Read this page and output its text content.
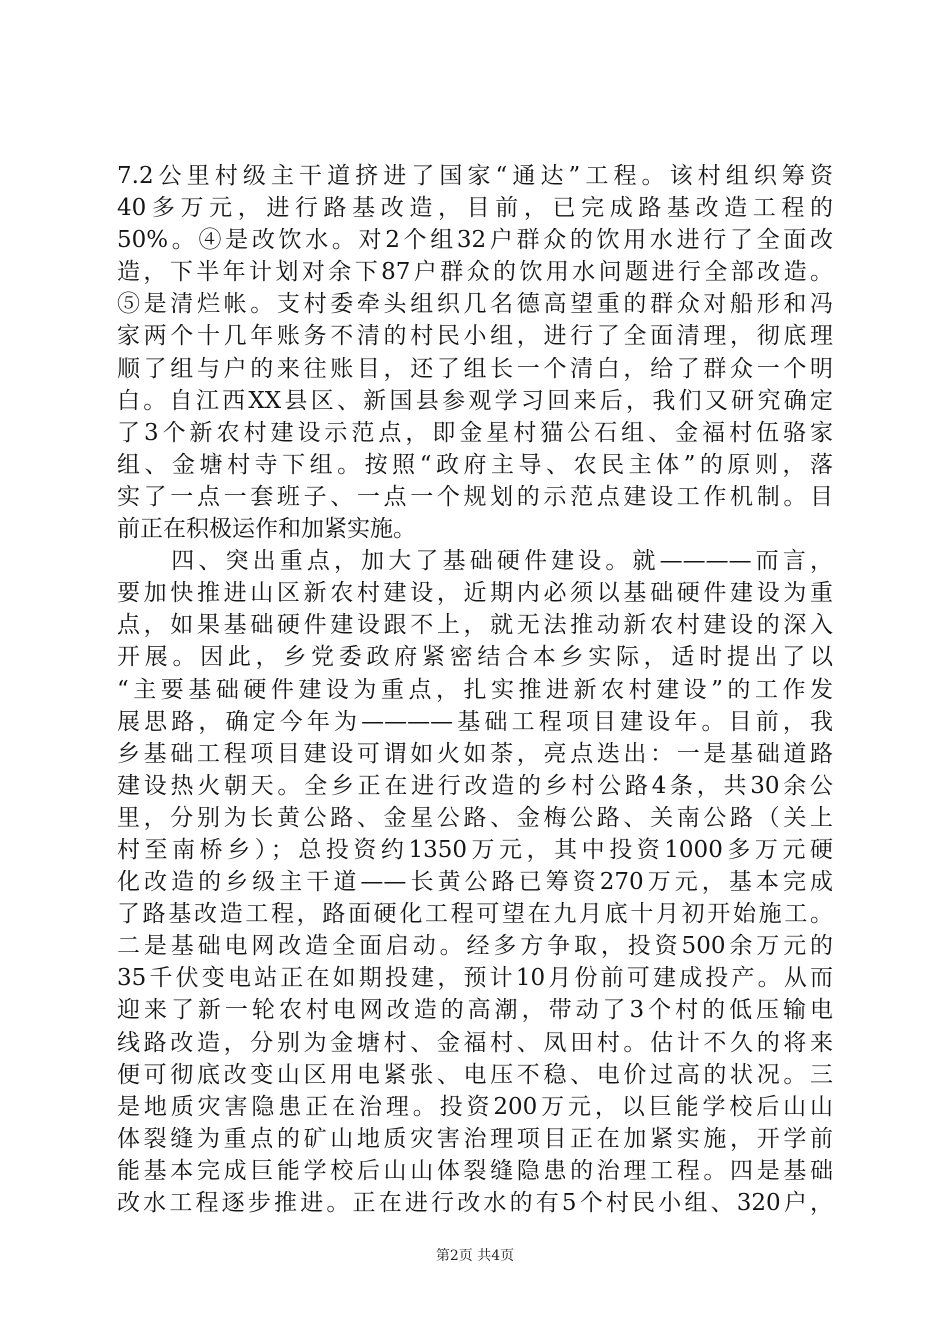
7.2公里村级主干道挤进了国家“通达”工程。该村组织筹资
40多万元，进行路基改造，目前，已完成路基改造工程的
50%。④是改饮水。对2个组32户群众的饮用水进行了全面改
造，下半年计划对余下87户群众的饮用水问题进行全部改造。
⑤是清烂帐。支村委牵头组织几名德高望重的群众对船形和冯
家两个十几年账务不清的村民小组，进行了全面清理，彻底理
顺了组与户的来往账目，还了组长一个清白，给了群众一个明
白。自江西XX县区、新国县参观学习回来后，我们又研究确定
了3个新农村建设示范点，即金星村猫公石组、金福村伍骆家
组、金塘村寺下组。按照“政府主导、农民主体”的原则，落
实了一点一套班子、一点一个规划的示范点建设工作机制。目
前正在积极运作和加紧实施。
　　四、突出重点，加大了基础硬件建设。就————而言，
要加快推进山区新农村建设，近期内必须以基础硬件建设为重
点，如果基础硬件建设跟不上，就无法推动新农村建设的深入
开展。因此，乡党委政府紧密结合本乡实际，适时提出了以
“主要基础硬件建设为重点，扎实推进新农村建设”的工作发
展思路，确定今年为————基础工程项目建设年。目前，我
乡基础工程项目建设可谓如火如荼，亮点迭出：一是基础道路
建设热火朝天。全乡正在进行改造的乡村公路4条，共30余公
里，分别为长黄公路、金星公路、金梅公路、关南公路（关上
村至南桥乡）；总投资约1350万元，其中投资1000多万元硬
化改造的乡级主干道——长黄公路已筹资270万元，基本完成
了路基改造工程，路面硬化工程可望在九月底十月初开始施工。
二是基础电网改造全面启动。经多方争取，投资500余万元的
35千伏变电站正在如期投建，预计10月份前可建成投产。从而
迎来了新一轮农村电网改造的高潮，带动了3个村的低压输电
线路改造，分别为金塘村、金福村、凤田村。估计不久的将来
便可彻底改变山区用电紧张、电压不稳、电价过高的状况。三
是地质灾害隐患正在治理。投资200万元，以巨能学校后山山
体裂缝为重点的矿山地质灾害治理项目正在加紧实施，开学前
能基本完成巨能学校后山山体裂缝隐患的治理工程。四是基础
改水工程逐步推进。正在进行改水的有5个村民小组、320户，
第2页 共4页
